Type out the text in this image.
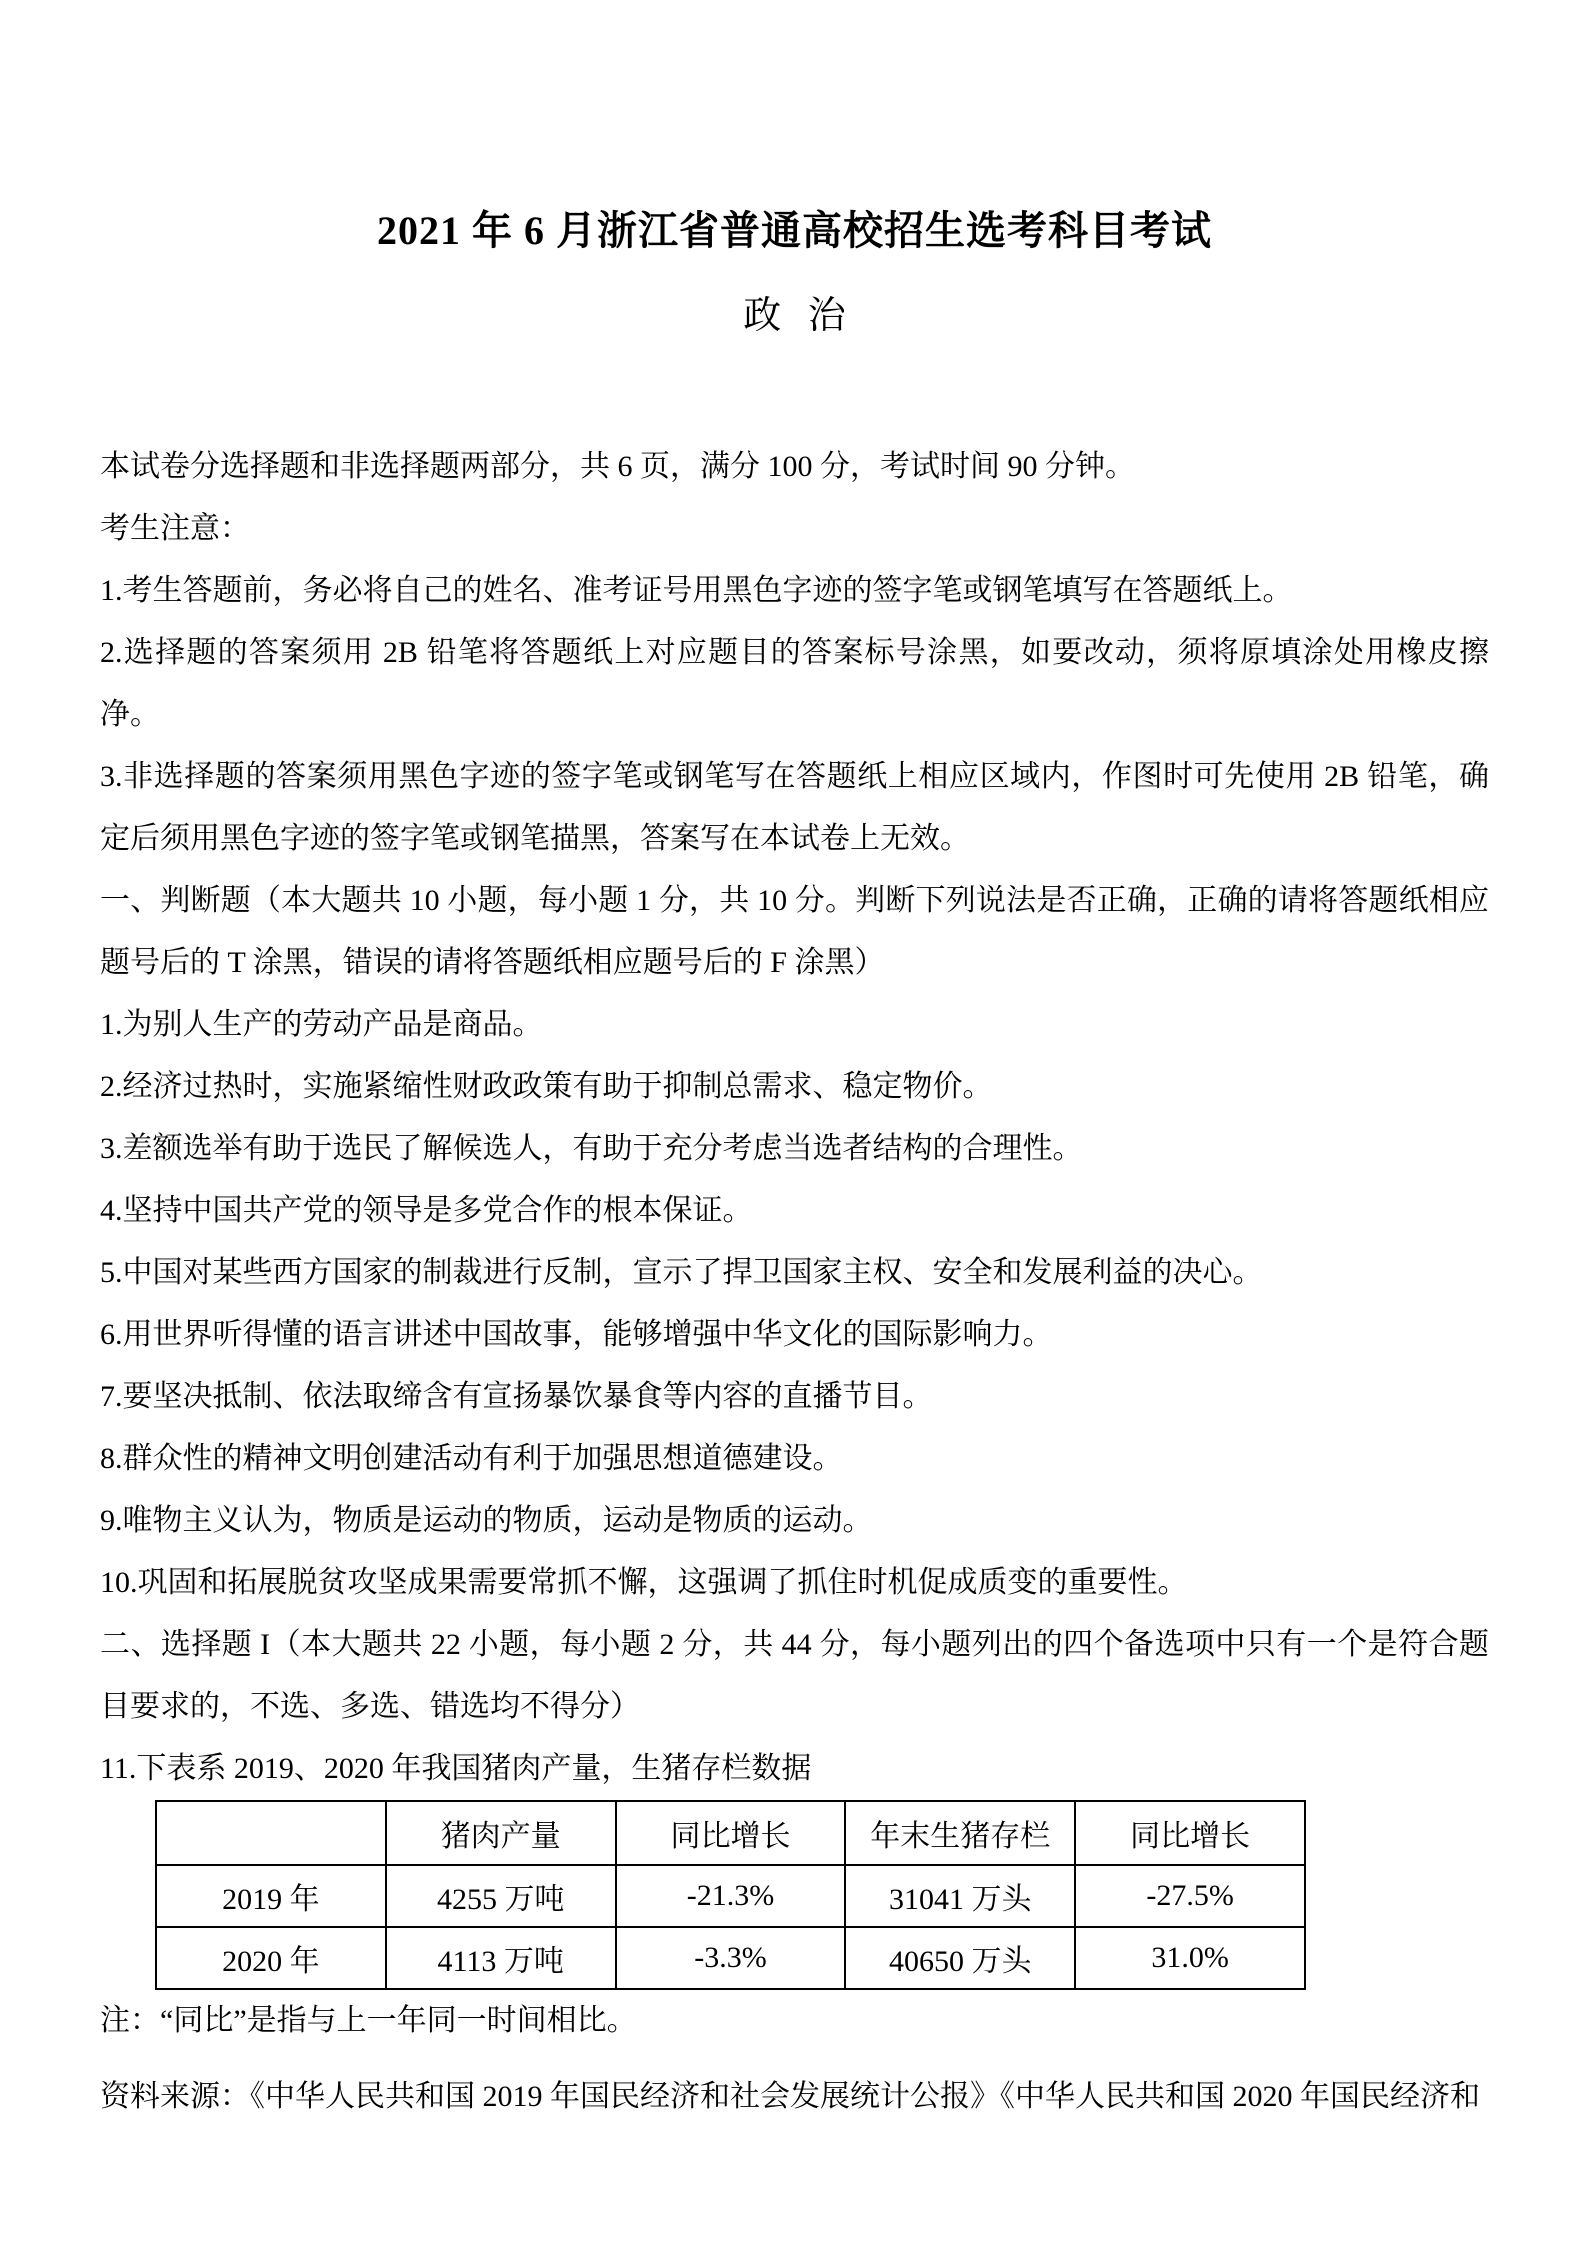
2021 年 6 月浙江省普通高校招生选考科目考试
政 治

本试卷分选择题和非选择题两部分，共 6 页，满分 100 分，考试时间 90 分钟。

考生注意：

1.考生答题前，务必将自己的姓名、准考证号用黑色字迹的签字笔或钢笔填写在答题纸上。

2.选择题的答案须用 2B 铅笔将答题纸上对应题目的答案标号涂黑，如要改动，须将原填涂处用橡皮擦净。

3.非选择题的答案须用黑色字迹的签字笔或钢笔写在答题纸上相应区域内，作图时可先使用 2B 铅笔，确定后须用黑色字迹的签字笔或钢笔描黑，答案写在本试卷上无效。

一、判断题（本大题共 10 小题，每小题 1 分，共 10 分。判断下列说法是否正确，正确的请将答题纸相应题号后的 T 涂黑，错误的请将答题纸相应题号后的 F 涂黑）

1.为别人生产的劳动产品是商品。

2.经济过热时，实施紧缩性财政政策有助于抑制总需求、稳定物价。

3.差额选举有助于选民了解候选人，有助于充分考虑当选者结构的合理性。

4.坚持中国共产党的领导是多党合作的根本保证。

5.中国对某些西方国家的制裁进行反制，宣示了捍卫国家主权、安全和发展利益的决心。

6.用世界听得懂的语言讲述中国故事，能够增强中华文化的国际影响力。

7.要坚决抵制、依法取缔含有宣扬暴饮暴食等内容的直播节目。

8.群众性的精神文明创建活动有利于加强思想道德建设。

9.唯物主义认为，物质是运动的物质，运动是物质的运动。

10.巩固和拓展脱贫攻坚成果需要常抓不懈，这强调了抓住时机促成质变的重要性。

二、选择题 I（本大题共 22 小题，每小题 2 分，共 44 分，每小题列出的四个备选项中只有一个是符合题目要求的，不选、多选、错选均不得分）

11.下表系 2019、2020 年我国猪肉产量，生猪存栏数据

	猪肉产量	同比增长	年末生猪存栏	同比增长
2019 年	4255 万吨	-21.3%	31041 万头	-27.5%
2020 年	4113 万吨	-3.3%	40650 万头	31.0%

注：“同比”是指与上一年同一时间相比。

资料来源：《中华人民共和国 2019 年国民经济和社会发展统计公报》《中华人民共和国 2020 年国民经济和
